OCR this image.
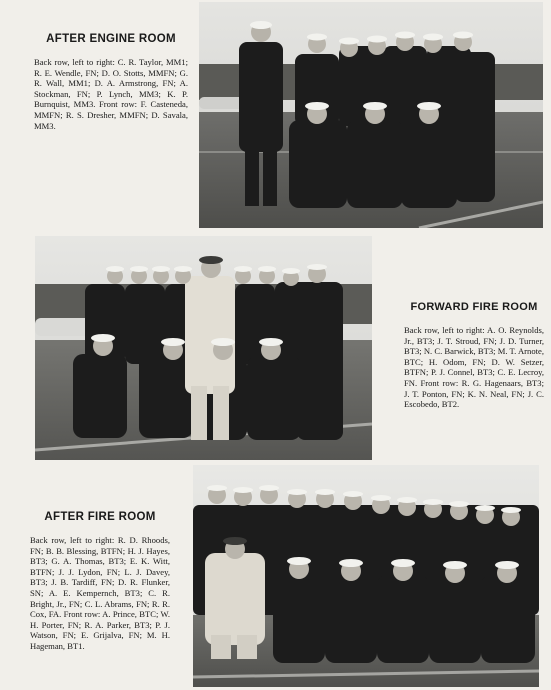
AFTER ENGINE ROOM

Back row, left to right: C. R. Taylor, MM1; R. E. Wendle, FN; D. O. Stotts, MMFN; G. R. Wall, MM1; D. A. Armstrong, FN; A. Stockman, FN; P. Lynch, MM3; K. P. Burnquist, MM3. Front row: F. Casteneda, MMFN; R. S. Dresher, MMFN; D. Savala, MM3.

FORWARD FIRE ROOM

Back row, left to right: A. O. Reynolds, Jr., BT3; J. T. Stroud, FN; J. D. Turner, BT3; N. C. Barwick, BT3; M. T. Arnote, BTC; H. Odom, FN; D. W. Setzer, BTFN; P. J. Connel, BT3; C. E. Lecroy, FN. Front row: R. G. Hagenaars, BT3; J. T. Ponton, FN; K. N. Neal, FN; J. C. Escobedo, BT2.

AFTER FIRE ROOM

Back row, left to right: R. D. Rhoods, FN; B. B. Blessing, BTFN; H. J. Hayes, BT3; G. A. Thomas, BT3; E. K. Witt, BTFN; J. J. Lydon, FN; L. J. Davey, BT3; J. B. Tardiff, FN; D. R. Flunker, SN; A. E. Kempernch, BT3; C. R. Bright, Jr., FN; C. L. Abrams, FN; R. R. Cox, FA. Front row: A. Prince, BTC; W. H. Porter, FN; R. A. Parker, BT3; P. J. Watson, FN; E. Grijalva, FN; M. H. Hageman, BT1.
